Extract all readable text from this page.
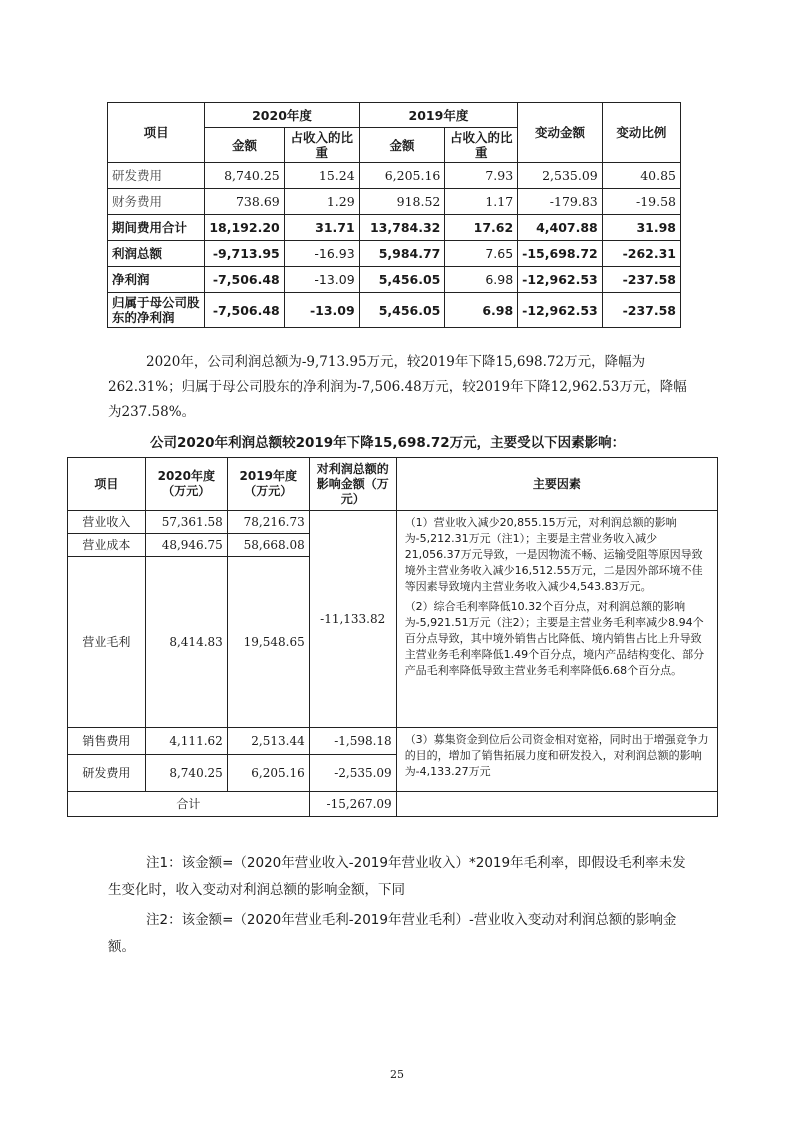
项目	2020年度		2019年度		变动金额	变动比例
	金额	占收入的比重	金额	占收入的比重		
研发费用	8,740.25	15.24	6,205.16	7.93	2,535.09	40.85
财务费用	738.69	1.29	918.52	1.17	-179.83	-19.58
期间费用合计	18,192.20	31.71	13,784.32	17.62	4,407.88	31.98
利润总额	-9,713.95	-16.93	5,984.77	7.65	-15,698.72	-262.31
净利润	-7,506.48	-13.09	5,456.05	6.98	-12,962.53	-237.58
归属于母公司股东的净利润	-7,506.48	-13.09	5,456.05	6.98	-12,962.53	-237.58
2020年，公司利润总额为-9,713.95万元，较2019年下降15,698.72万元，降幅为262.31%；归属于母公司股东的净利润为-7,506.48万元，较2019年下降12,962.53万元，降幅为237.58%。
公司2020年利润总额较2019年下降15,698.72万元，主要受以下因素影响：
项目	2020年度（万元）	2019年度（万元）	对利润总额的影响金额（万元）	主要因素
营业收入	57,361.58	78,216.73	-11,133.82	（1）营业收入减少20,855.15万元，对利润总额的影响为-5,212.31万元（注1）；主要是主营业务收入减少21,056.37万元导致，一是因物流不畅、运输受阻等原因导致境外主营业务收入减少16,512.55万元，二是因外部环境不佳等因素导致境内主营业务收入减少4,543.83万元。
（2）综合毛利率降低10.32个百分点，对利润总额的影响为-5,921.51万元（注2）；主要是主营业务毛利率减少8.94个百分点导致，其中境外销售占比降低、境内销售占比上升导致主营业务毛利率降低1.49个百分点，境内产品结构变化、部分产品毛利率降低导致主营业务毛利率降低6.68个百分点。

营业成本	48,946.75	58,668.08		
营业毛利	8,414.83	19,548.65		
销售费用	4,111.62	2,513.44	-1,598.18	（3）募集资金到位后公司资金相对宽裕，同时出于增强竞争力的目的，增加了销售拓展力度和研发投入，对利润总额的影响为-4,133.27万元
研发费用	8,740.25	6,205.16	-2,535.09	
合计			-15,267.09	
注1：该金额=（2020年营业收入-2019年营业收入）*2019年毛利率，即假设毛利率未发生变化时，收入变动对利润总额的影响金额，下同
注2：该金额=（2020年营业毛利-2019年营业毛利）-营业收入变动对利润总额的影响金额。
25
